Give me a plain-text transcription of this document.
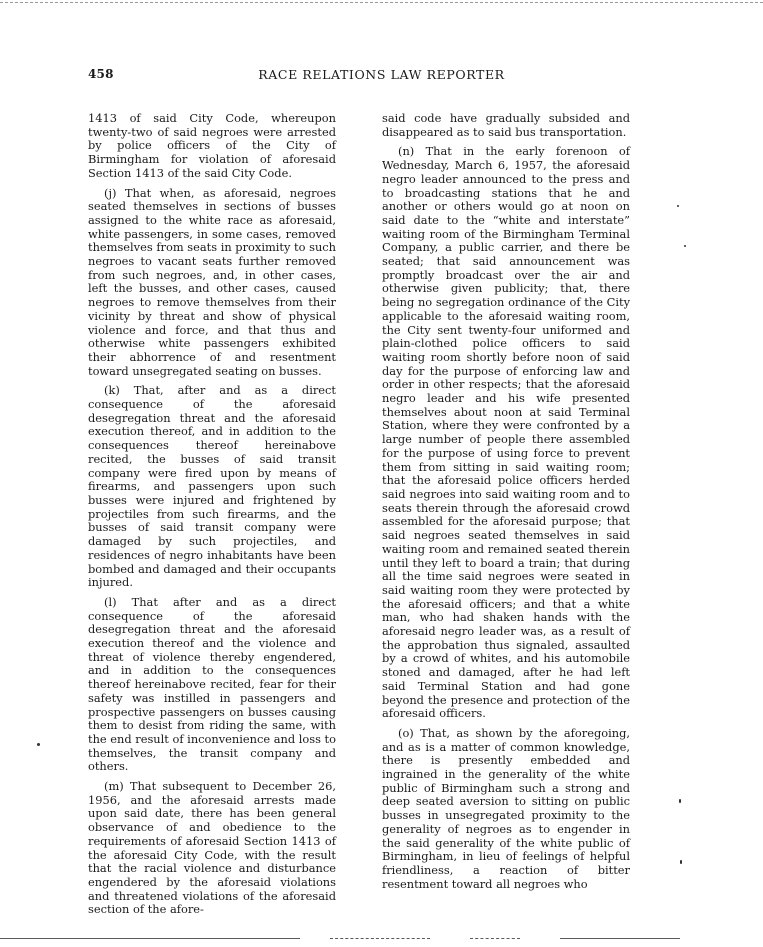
458	RACE RELATIONS LAW REPORTER

1413 of said City Code, whereupon twenty-two of said negroes were arrested by police officers of the City of Birmingham for violation of aforesaid Section 1413 of the said City Code.

(j) That when, as aforesaid, negroes seated themselves in sections of busses assigned to the white race as aforesaid, white passengers, in some cases, removed themselves from seats in proximity to such negroes to vacant seats further removed from such negroes, and, in other cases, left the busses, and other cases, caused negroes to remove themselves from their vicinity by threat and show of physical violence and force, and that thus and otherwise white passengers exhibited their abhorrence of and resentment toward unsegregated seating on busses.

(k) That, after and as a direct consequence of the aforesaid desegregation threat and the aforesaid execution thereof, and in addition to the consequences thereof hereinabove recited, the busses of said transit company were fired upon by means of firearms, and passengers upon such busses were injured and frightened by projectiles from such firearms, and the busses of said transit company were damaged by such projectiles, and residences of negro inhabitants have been bombed and damaged and their occupants injured.

(l) That after and as a direct consequence of the aforesaid desegregation threat and the aforesaid execution thereof and the violence and threat of violence thereby engendered, and in addition to the consequences thereof hereinabove recited, fear for their safety was instilled in passengers and prospective passengers on busses causing them to desist from riding the same, with the end result of inconvenience and loss to themselves, the transit company and others.

(m) That subsequent to December 26, 1956, and the aforesaid arrests made upon said date, there has been general observance of and obedience to the requirements of aforesaid Section 1413 of the aforesaid City Code, with the result that the racial violence and disturbance engendered by the aforesaid violations and threatened violations of the aforesaid section of the afore-

said code have gradually subsided and disappeared as to said bus transportation.

(n) That in the early forenoon of Wednesday, March 6, 1957, the aforesaid negro leader announced to the press and to broadcasting stations that he and another or others would go at noon on said date to the “white and interstate” waiting room of the Birmingham Terminal Company, a public carrier, and there be seated; that said announcement was promptly broadcast over the air and otherwise given publicity; that, there being no segregation ordinance of the City applicable to the aforesaid waiting room, the City sent twenty-four uniformed and plain-clothed police officers to said waiting room shortly before noon of said day for the purpose of enforcing law and order in other respects; that the aforesaid negro leader and his wife presented themselves about noon at said Terminal Station, where they were confronted by a large number of people there assembled for the purpose of using force to prevent them from sitting in said waiting room; that the aforesaid police officers herded said negroes into said waiting room and to seats therein through the aforesaid crowd assembled for the aforesaid purpose; that said negroes seated themselves in said waiting room and remained seated therein until they left to board a train; that during all the time said negroes were seated in said waiting room they were protected by the aforesaid officers; and that a white man, who had shaken hands with the aforesaid negro leader was, as a result of the approbation thus signaled, assaulted by a crowd of whites, and his automobile stoned and damaged, after he had left said Terminal Station and had gone beyond the presence and protection of the aforesaid officers.

(o) That, as shown by the aforegoing, and as is a matter of common knowledge, there is presently embedded and ingrained in the generality of the white public of Birmingham such a strong and deep seated aversion to sitting on public busses in unsegregated proximity to the generality of negroes as to engender in the said generality of the white public of Birmingham, in lieu of feelings of helpful friendliness, a reaction of bitter resentment toward all negroes who
